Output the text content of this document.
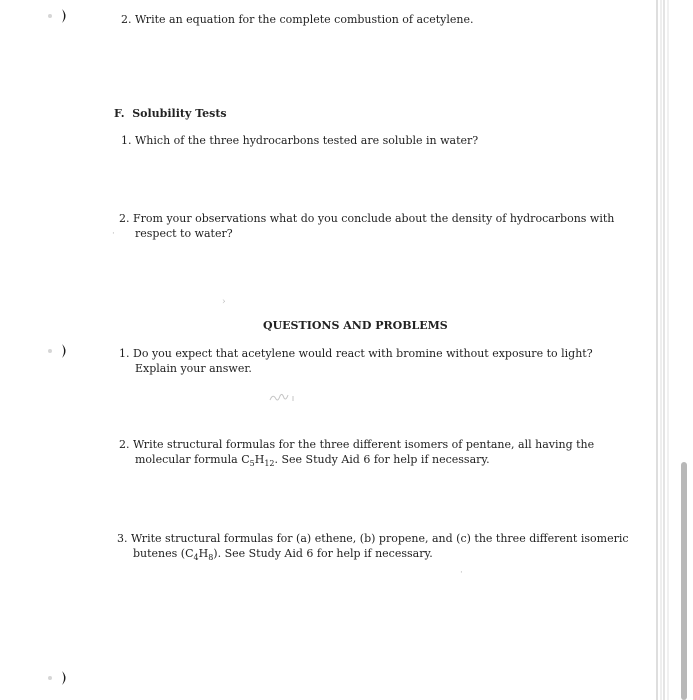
2. Write an equation for the complete combustion of acetylene.
F. Solubility Tests
1. Which of the three hydrocarbons tested are soluble in water?
2. From your observations what do you conclude about the density of hydrocarbons with
respect to water?
·
›
QUESTIONS AND PROBLEMS
1. Do you expect that acetylene would react with bromine without exposure to light?
Explain your answer.
2. Write structural formulas for the three different isomers of pentane, all having the
molecular formula $C_5H_{12}$. See Study Aid 6 for help if necessary.
3. Write structural formulas for (a) ethene, (b) propene, and (c) the three different isomeric
butenes $(C_4H_8)$. See Study Aid 6 for help if necessary.
·
